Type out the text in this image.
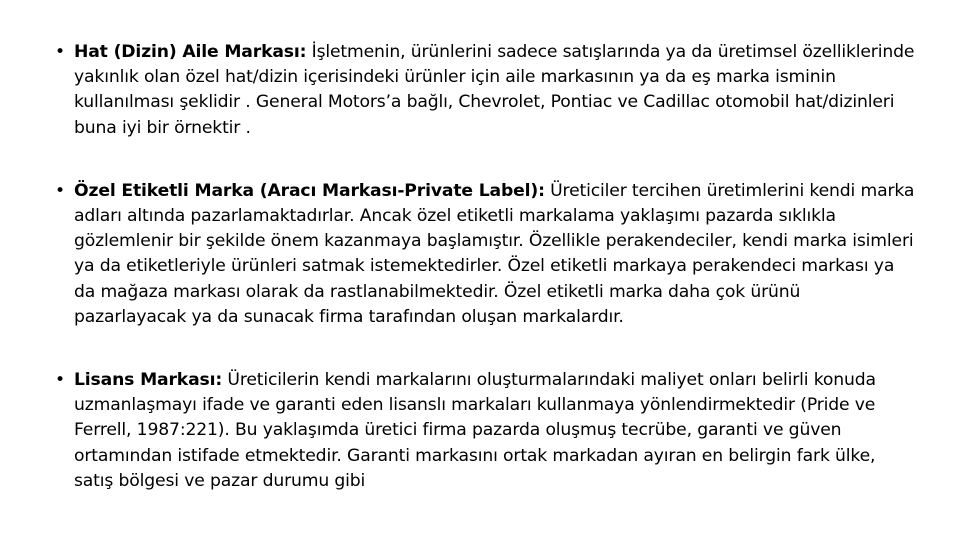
• Hat (Dizin) Aile Markası: İşletmenin, ürünlerini sadece satışlarında ya da üretimsel özelliklerinde yakınlık olan özel hat/dizin içerisindeki ürünler için aile markasının ya da eş marka isminin kullanılması şeklidir . General Motors’a bağlı, Chevrolet, Pontiac ve Cadillac otomobil hat/dizinleri buna iyi bir örnektir .
• Özel Etiketli Marka (Aracı Markası-Private Label): Üreticiler tercihen üretimlerini kendi marka adları altında pazarlamaktadırlar. Ancak özel etiketli markalama yaklaşımı pazarda sıklıkla gözlemlenir bir şekilde önem kazanmaya başlamıştır. Özellikle perakendeciler, kendi marka isimleri ya da etiketleriyle ürünleri satmak istemektedirler. Özel etiketli markaya perakendeci markası ya da mağaza markası olarak da rastlanabilmektedir. Özel etiketli marka daha çok ürünü pazarlayacak ya da sunacak firma tarafından oluşan markalardır.
• Lisans Markası: Üreticilerin kendi markalarını oluşturmalarındaki maliyet onları belirli konuda uzmanlaşmayı ifade ve garanti eden lisanslı markaları kullanmaya yönlendirmektedir (Pride ve Ferrell, 1987:221). Bu yaklaşımda üretici firma pazarda oluşmuş tecrübe, garanti ve güven ortamından istifade etmektedir. Garanti markasını ortak markadan ayıran en belirgin fark ülke, satış bölgesi ve pazar durumu gibi
